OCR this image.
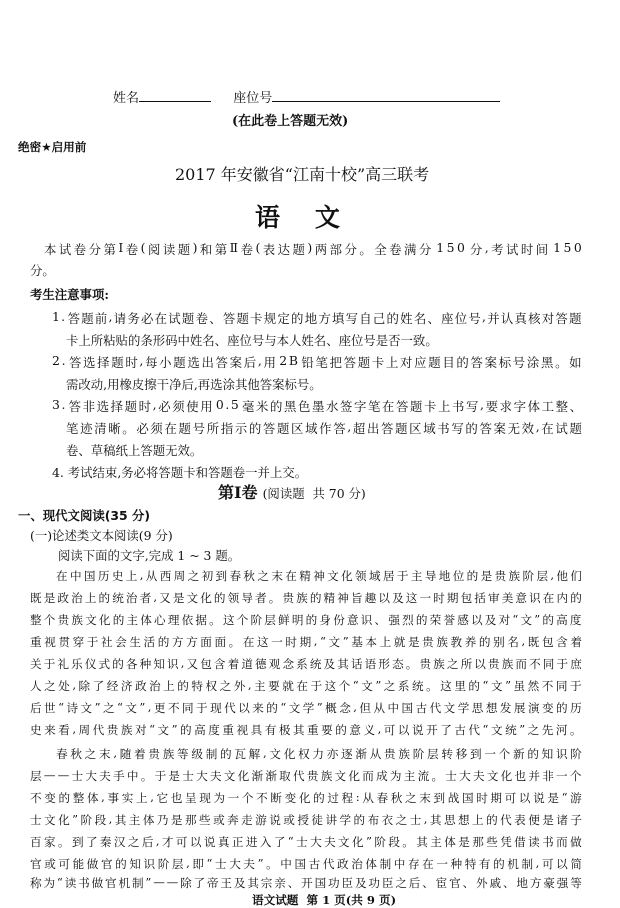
姓名	座位号
(在此卷上答题无效)
绝密★启用前
2017 年安徽省“江南十校”高三联考
语    文
本 试 卷 分 第 Ⅰ 卷 ( 阅 读 题 ) 和 第 Ⅱ 卷 ( 表 达 题 ) 两 部 分 。 全 卷 满 分 1 5 0 分 , 考 试 时 间 1 5 0
分。
考生注意事项:
1 . 答 题 前 , 请 务 必 在 试 题 卷 、 答 题 卡 规 定 的 地 方 填 写 自 己 的 姓 名 、 座 位 号 , 并 认 真 核 对 答 题
卡上所粘贴的条形码中姓名、座位号与本人姓名、座位号是否一致。
2 . 答 选 择 题 时 , 每 小 题 选 出 答 案 后 , 用 2 B 铅 笔 把 答 题 卡 上 对 应 题 目 的 答 案 标 号 涂 黑 。 如
需改动,用橡皮擦干净后,再选涂其他答案标号。
3 . 答 非 选 择 题 时 , 必 须 使 用 0 . 5 毫 米 的 黑 色 墨 水 签 字 笔 在 答 题 卡 上 书 写 , 要 求 字 体 工 整 、
笔 迹 清 晰 。 必 须 在 题 号 所 指 示 的 答 题 区 域 作 答 , 超 出 答 题 区 域 书 写 的 答 案 无 效 , 在 试 题
卷、草稿纸上答题无效。
4. 考试结束,务必将答题卡和答题卷一并上交。
第Ⅰ卷 (阅读题  共 70 分)
一、现代文阅读(35 分)
(一)论述类文本阅读(9 分)
阅读下面的文字,完成 1 ~ 3 题。
在 中 国 历 史 上 , 从 西 周 之 初 到 春 秋 之 末 在 精 神 文 化 领 域 居 于 主 导 地 位 的 是 贵 族 阶 层 , 他 们
既 是 政 治 上 的 统 治 者 , 又 是 文 化 的 领 导 者 。 贵 族 的 精 神 旨 趣 以 及 这 一 时 期 包 括 审 美 意 识 在 内 的
整 个 贵 族 文 化 的 主 体 心 理 依 据 。 这 个 阶 层 鲜 明 的 身 份 意 识 、 强 烈 的 荣 誉 感 以 及 对 “ 文 ” 的 高 度
重 视 贯 穿 于 社 会 生 活 的 方 方 面 面 。 在 这 一 时 期 , “ 文 ” 基 本 上 就 是 贵 族 教 养 的 别 名 , 既 包 含 着
关 于 礼 乐 仪 式 的 各 种 知 识 , 又 包 含 着 道 德 观 念 系 统 及 其 话 语 形 态 。 贵 族 之 所 以 贵 族 而 不 同 于 庶
人 之 处 , 除 了 经 济 政 治 上 的 特 权 之 外 , 主 要 就 在 于 这 个 “ 文 ” 之 系 统 。 这 里 的 “ 文 ” 虽 然 不 同 于
后 世 “ 诗 文 ” 之 “ 文 ” , 更 不 同 于 现 代 以 来 的 “ 文 学 ” 概 念 , 但 从 中 国 古 代 文 学 思 想 发 展 演 变 的 历
史 来 看 , 周 代 贵 族 对 “ 文 ” 的 高 度 重 视 具 有 极 其 重 要 的 意 义 , 可 以 说 开 了 古 代 “ 文 统 ” 之 先 河 。
春 秋 之 末 , 随 着 贵 族 等 级 制 的 瓦 解 , 文 化 权 力 亦 逐 渐 从 贵 族 阶 层 转 移 到 一 个 新 的 知 识 阶
层 — — 士 大 夫 手 中 。 于 是 士 大 夫 文 化 渐 渐 取 代 贵 族 文 化 而 成 为 主 流 。 士 大 夫 文 化 也 并 非 一 个
不 变 的 整 体 , 事 实 上 , 它 也 呈 现 为 一 个 不 断 变 化 的 过 程 : 从 春 秋 之 末 到 战 国 时 期 可 以 说 是 “ 游
士 文 化 ” 阶 段 , 其 主 体 乃 是 那 些 或 奔 走 游 说 或 授 徒 讲 学 的 布 衣 之 士 , 其 思 想 上 的 代 表 便 是 诸 子
百 家 。 到 了 秦 汉 之 后 , 才 可 以 说 真 正 进 入 了 “ 士 大 夫 文 化 ” 阶 段 。 其 主 体 是 那 些 凭 借 读 书 而 做
官 或 可 能 做 官 的 知 识 阶 层 , 即 “ 士 大 夫 ” 。 中 国 古 代 政 治 体 制 中 存 在 一 种 特 有 的 机 制 , 可 以 简
称 为 “ 读 书 做 官 机 制 ” — — 除 了 帝 王 及 其 宗 亲 、 开 国 功 臣 及 功 臣 之 后 、 宦 官 、 外 戚 、 地 方 豪 强 等
语文试题  第 1 页(共 9 页)
